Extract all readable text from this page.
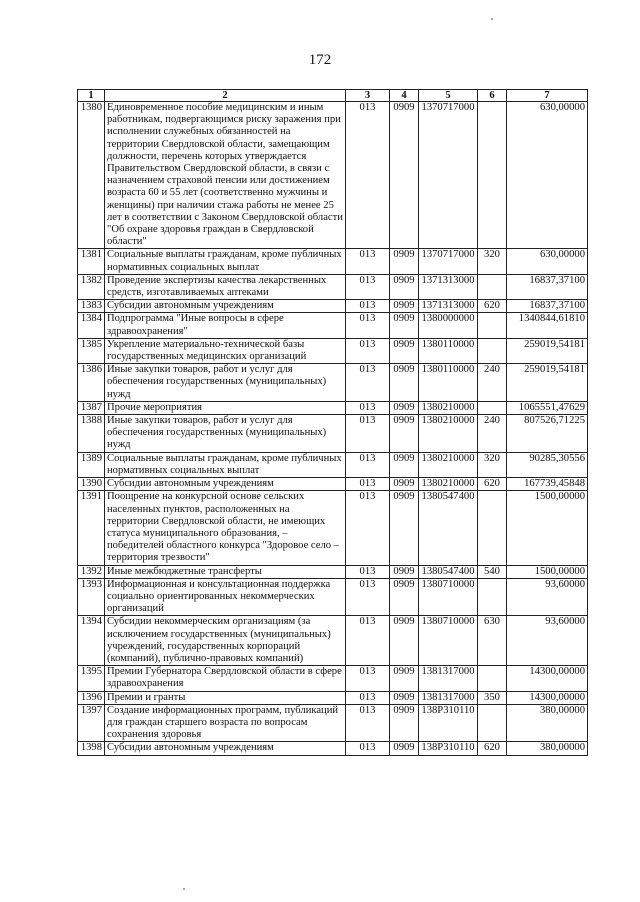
172
1	2	3	4	5	6	7
1380	Единовременное пособие медицинским и иным работникам, подвергающимся риску заражения при исполнении служебных обязанностей на территории Свердловской области, замещающим должности, перечень которых утверждается Правительством Свердловской области, в связи с назначением страховой пенсии или достижением возраста 60 и 55 лет (соответственно мужчины и женщины) при наличии стажа работы не менее 25 лет в соответствии с Законом Свердловской области "Об охране здоровья граждан в Свердловской области"	013	0909	1370717000		630,00000
1381	Социальные выплаты гражданам, кроме публичных нормативных социальных выплат	013	0909	1370717000	320	630,00000
1382	Проведение экспертизы качества лекарственных средств, изготавливаемых аптеками	013	0909	1371313000		16837,37100
1383	Субсидии автономным учреждениям	013	0909	1371313000	620	16837,37100
1384	Подпрограмма "Иные вопросы в сфере здравоохранения"	013	0909	1380000000		1340844,61810
1385	Укрепление материально-технической базы государственных медицинских организаций	013	0909	1380110000		259019,54181
1386	Иные закупки товаров, работ и услуг для обеспечения государственных (муниципальных) нужд	013	0909	1380110000	240	259019,54181
1387	Прочие мероприятия	013	0909	1380210000		1065551,47629
1388	Иные закупки товаров, работ и услуг для обеспечения государственных (муниципальных) нужд	013	0909	1380210000	240	807526,71225
1389	Социальные выплаты гражданам, кроме публичных нормативных социальных выплат	013	0909	1380210000	320	90285,30556
1390	Субсидии автономным учреждениям	013	0909	1380210000	620	167739,45848
1391	Поощрение на конкурсной основе сельских населенных пунктов, расположенных на территории Свердловской области, не имеющих статуса муниципального образования, – победителей областного конкурса "Здоровое село – территория трезвости"	013	0909	1380547400		1500,00000
1392	Иные межбюджетные трансферты	013	0909	1380547400	540	1500,00000
1393	Информационная и консультационная поддержка социально ориентированных некоммерческих организаций	013	0909	1380710000		93,60000
1394	Субсидии некоммерческим организациям (за исключением государственных (муниципальных) учреждений, государственных корпораций (компаний), публично-правовых компаний)	013	0909	1380710000	630	93,60000
1395	Премии Губернатора Свердловской области в сфере здравоохранения	013	0909	1381317000		14300,00000
1396	Премии и гранты	013	0909	1381317000	350	14300,00000
1397	Создание информационных программ, публикаций для граждан старшего возраста по вопросам сохранения здоровья	013	0909	138P310110		380,00000
1398	Субсидии автономным учреждениям	013	0909	138P310110	620	380,00000
